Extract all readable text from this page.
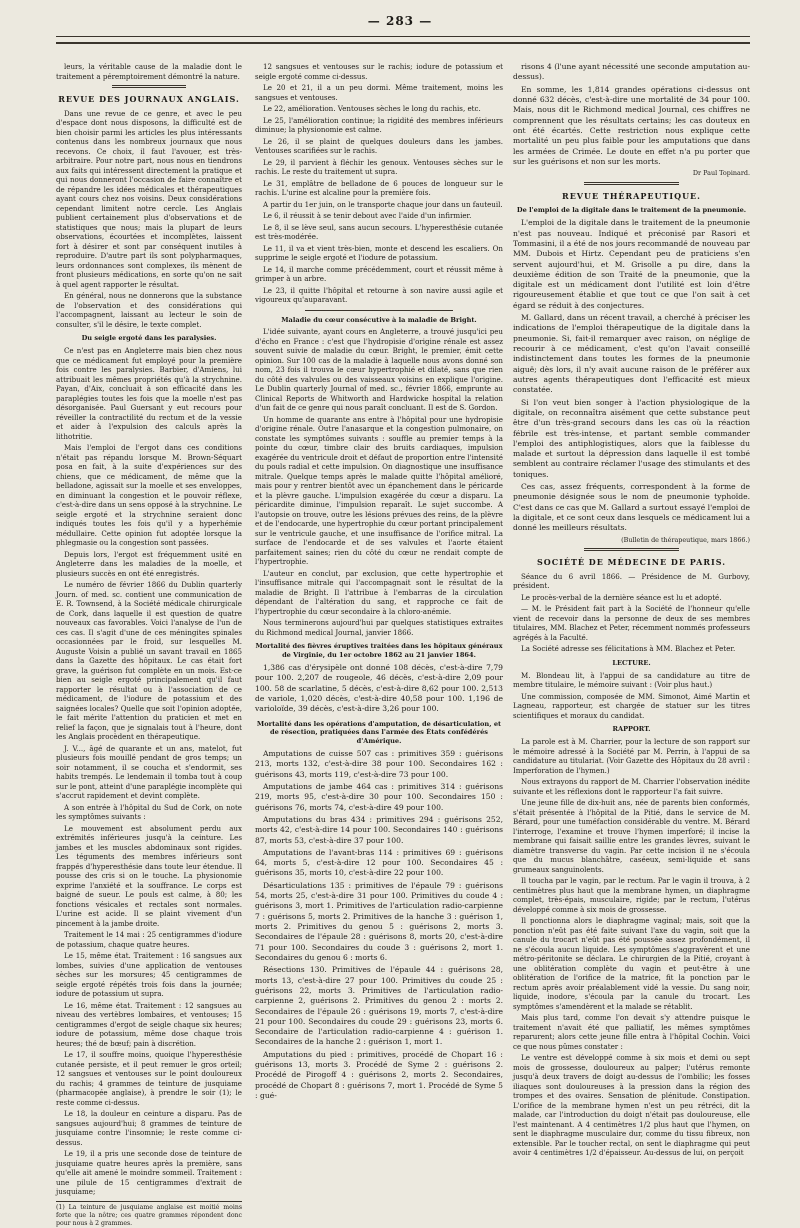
— 283 —

leurs, la véritable cause de la maladie dont le traitement a péremptoirement démontré la nature.

REVUE DES JOURNAUX ANGLAIS.

Dans une revue de ce genre, et avec le peu d'espace dont nous disposons, la difficulté est de bien choisir parmi les articles les plus intéressants contenus dans les nombreux journaux que nous recevons. Ce choix, il faut l'avouer, est très-arbitraire. Pour notre part, nous nous en tiendrons aux faits qui intéressent directement la pratique et qui nous donneront l'occasion de faire connaître et de répandre les idées médicales et thérapeutiques ayant cours chez nos voisins. Deux considérations cependant limitent notre cercle. Les Anglais publient certainement plus d'observations et de statistiques que nous; mais la plupart de leurs observations, écourtées et incomplètes, laissent fort à désirer et sont par conséquent inutiles à reproduire. D'autre part ils sont polypharmaques, leurs ordonnances sont complexes, ils mènent de front plusieurs médications, en sorte qu'on ne sait à quel agent rapporter le résultat.

En général, nous ne donnerons que la substance de l'observation et des considérations qui l'accompagnent, laissant au lecteur le soin de consulter, s'il le désire, le texte complet.

Du seigle ergoté dans les paralysies.

Ce n'est pas en Angleterre mais bien chez nous que ce médicament fut employé pour la première fois contre les paralysies. Barbier, d'Amiens, lui attribuait les mêmes propriétés qu'à la strychnine. Payan, d'Aix, concluait à son efficacité dans les paraplégies toutes les fois que la moelle n'est pas désorganisée. Paul Guersant y eut recours pour réveiller la contractilité du rectum et de la vessie et aider à l'expulsion des calculs après la lithotritie.

Mais l'emploi de l'ergot dans ces conditions n'était pas répandu lorsque M. Brown-Séquart posa en fait, à la suite d'expériences sur des chiens, que ce médicament, de même que la belladone, agissait sur la moelle et ses enveloppes, en diminuant la congestion et le pouvoir réflexe, c'est-à-dire dans un sens opposé à la strychnine. Le seigle ergoté et la strychnine seraient donc indiqués toutes les fois qu'il y a hyperhémie médullaire. Cette opinion fut adoptée lorsque la phlegmasie ou la congestion sont passées.

Depuis lors, l'ergot est fréquemment usité en Angleterre dans les maladies de la moelle, et plusieurs succès en ont été enregistrés.

Le numéro de février 1866 du Dublin quarterly Journ. of med. sc. contient une communication de E. R. Townsend, à la Société médicale chirurgicale de Cork, dans laquelle il est question de quatre nouveaux cas favorables. Voici l'analyse de l'un de ces cas. Il s'agit d'une de ces méningites spinales occasionnées par le froid, sur lesquelles M. Auguste Voisin a publié un savant travail en 1865 dans la Gazette des hôpitaux. Le cas était fort grave, la guérison fut complète en un mois. Est-ce bien au seigle ergoté principalement qu'il faut rapporter le résultat ou à l'association de ce médicament, de l'iodure de potassium et des saignées locales? Quelle que soit l'opinion adoptée, le fait mérite l'attention du praticien et met en relief la façon, que je signalais tout à l'heure, dont les Anglais procèdent en thérapeutique.

J. V..., âgé de quarante et un ans, matelot, fut plusieurs fois mouillé pendant de gros temps; un soir notamment, il se coucha et s'endormit, ses habits trempés. Le lendemain il tomba tout à coup sur le pont, atteint d'une paraplégie incomplète qui s'accrut rapidement et devint complète.

A son entrée à l'hôpital du Sud de Cork, on note les symptômes suivants :

Le mouvement est absolument perdu aux extrémités inférieures jusqu'à la ceinture. Les jambes et les muscles abdominaux sont rigides. Les téguments des membres inférieurs sont frappés d'hyperesthésie dans toute leur étendue. Il pousse des cris si on le touche. La physionomie exprime l'anxiété et la souffrance. Le corps est baigné de sueur. Le pouls est calme, à 80; les fonctions vésicales et rectales sont normales. L'urine est acide. Il se plaint vivement d'un pincement à la jambe droite.

Traitement le 14 mai : 25 centigrammes d'iodure de potassium, chaque quatre heures.

Le 15, même état. Traitement : 16 sangsues aux lombes, suivies d'une application de ventouses sèches sur les morsures; 45 centigrammes de seigle ergoté répétés trois fois dans la journée; iodure de potassium ut supra.

Le 16, même état. Traitement : 12 sangsues au niveau des vertèbres lombaires, et ventouses; 15 centigrammes d'ergot de seigle chaque six heures; iodure de potassium, même dose chaque trois heures; thé de bœuf; pain à discrétion.

Le 17, il souffre moins, quoique l'hyperesthésie cutanée persiste, et il peut remuer le gros orteil; 12 sangsues et ventouses sur le point douloureux du rachis; 4 grammes de teinture de jusquiame (pharmacopée anglaise), à prendre le soir (1); le reste comme ci-dessus.

Le 18, la douleur en ceinture a disparu. Pas de sangsues aujourd'hui; 8 grammes de teinture de jusquiame contre l'insomnie; le reste comme ci-dessus.

Le 19, il a pris une seconde dose de teinture de jusquiame quatre heures après la première, sans qu'elle ait amené le moindre sommeil. Traitement : une pilule de 15 centigrammes d'extrait de jusquiame;

(1) La teinture de jusquiame anglaise est moitié moins forte que la nôtre; ces quatre grammes répondent donc pour nous à 2 grammes.

12 sangsues et ventouses sur le rachis; iodure de potassium et seigle ergoté comme ci-dessus.

Le 20 et 21, il a un peu dormi. Même traitement, moins les sangsues et ventouses.

Le 22, amélioration. Ventouses sèches le long du rachis, etc.

Le 25, l'amélioration continue; la rigidité des membres inférieurs diminue; la physionomie est calme.

Le 26, il se plaint de quelques douleurs dans les jambes. Ventouses scarifiées sur le rachis.

Le 29, il parvient à fléchir les genoux. Ventouses sèches sur le rachis. Le reste du traitement ut supra.

Le 31, emplâtre de belladone de 6 pouces de longueur sur le rachis. L'urine est alcaline pour la première fois.

A partir du 1er juin, on le transporte chaque jour dans un fauteuil.

Le 6, il réussit à se tenir debout avec l'aide d'un infirmier.

Le 8, il se lève seul, sans aucun secours. L'hyperesthésie cutanée est très-modérée.

Le 11, il va et vient très-bien, monte et descend les escaliers. On supprime le seigle ergoté et l'iodure de potassium.

Le 14, il marche comme précédemment, court et réussit même à grimper à un arbre.

Le 23, il quitte l'hôpital et retourne à son navire aussi agile et vigoureux qu'auparavant.

Maladie du cœur consécutive à la maladie de Bright.

L'idée suivante, ayant cours en Angleterre, a trouvé jusqu'ici peu d'écho en France : c'est que l'hydropisie d'origine rénale est assez souvent suivie de maladie du cœur. Bright, le premier, émit cette opinion. Sur 100 cas de la maladie à laquelle nous avons donné son nom, 23 fois il trouva le cœur hypertrophié et dilaté, sans que rien du côté des valvules ou des vaisseaux voisins en explique l'origine. Le Dublin quarterly Journal of med. sc., février 1866, emprunte au Clinical Reports de Whitworth and Hardwicke hospital la relation d'un fait de ce genre qui nous paraît concluant. Il est de S. Gordon.

Un homme de quarante ans entre à l'hôpital pour une hydropisie d'origine rénale. Outre l'anasarque et la congestion pulmonaire, on constate les symptômes suivants : souffle au premier temps à la pointe du cœur, timbre clair des bruits cardiaques, impulsion exagérée du ventricule droit et défaut de proportion entre l'intensité du pouls radial et cette impulsion. On diagnostique une insuffisance mitrale. Quelque temps après le malade quitte l'hôpital amélioré, mais pour y rentrer bientôt avec un épanchement dans le péricarde et la plèvre gauche. L'impulsion exagérée du cœur a disparu. La péricardite diminue, l'impulsion reparaît. Le sujet succombe. A l'autopsie on trouve, outre les lésions prévues des reins, de la plèvre et de l'endocarde, une hypertrophie du cœur portant principalement sur le ventricule gauche, et une insuffisance de l'orifice mitral. La surface de l'endocarde et de ses valvules et l'aorte étaient parfaitement saines; rien du côté du cœur ne rendait compte de l'hypertrophie.

L'auteur en conclut, par exclusion, que cette hypertrophie et l'insuffisance mitrale qui l'accompagnait sont le résultat de la maladie de Bright. Il l'attribue à l'embarras de la circulation dépendant de l'altération du sang, et rapproche ce fait de l'hypertrophie du cœur secondaire à la chloro-anémie.

Nous terminerons aujourd'hui par quelques statistiques extraites du Richmond medical Journal, janvier 1866.

Mortalité des fièvres éruptives traitées dans les hôpitaux généraux de Virginie, du 1er octobre 1862 au 21 janvier 1864.

1,386 cas d'érysipèle ont donné 108 décès, c'est-à-dire 7,79 pour 100. 2,207 de rougeole, 46 décès, c'est-à-dire 2,09 pour 100. 58 de scarlatine, 5 décès, c'est-à-dire 8,62 pour 100. 2,513 de variole, 1,020 décès, c'est-à-dire 40,58 pour 100. 1,196 de varioloïde, 39 décès, c'est-à-dire 3,26 pour 100.

Mortalité dans les opérations d'amputation, de désarticulation, et de résection, pratiquées dans l'armée des États confédérés d'Amérique.

Amputations de cuisse 507 cas : primitives 359 : guérisons 213, morts 132, c'est-à-dire 38 pour 100. Secondaires 162 : guérisons 43, morts 119, c'est-à-dire 73 pour 100.

Amputations de jambe 464 cas : primitives 314 : guérisons 219, morts 95, c'est-à-dire 30 pour 100. Secondaires 150 : guérisons 76, morts 74, c'est-à-dire 49 pour 100.

Amputations du bras 434 : primitives 294 : guérisons 252, morts 42, c'est-à-dire 14 pour 100. Secondaires 140 : guérisons 87, morts 53, c'est-à-dire 37 pour 100.

Amputations de l'avant-bras 114 : primitives 69 : guérisons 64, morts 5, c'est-à-dire 12 pour 100. Secondaires 45 : guérisons 35, morts 10, c'est-à-dire 22 pour 100.

Désarticulations 135 : primitives de l'épaule 79 : guérisons 54, morts 25, c'est-à-dire 31 pour 100. Primitives du coude 4 : guérisons 3, mort 1. Primitives de l'articulation radio-carpienne 7 : guérisons 5, morts 2. Primitives de la hanche 3 : guérison 1, morts 2. Primitives du genou 5 : guérisons 2, morts 3. Secondaires de l'épaule 28 : guérisons 8, morts 20, c'est-à-dire 71 pour 100. Secondaires du coude 3 : guérisons 2, mort 1. Secondaires du genou 6 : morts 6.

Résections 130. Primitives de l'épaule 44 : guérisons 28, morts 13, c'est-à-dire 27 pour 100. Primitives du coude 25 : guérisons 22, morts 3. Primitives de l'articulation radio-carpienne 2, guérisons 2. Primitives du genou 2 : morts 2. Secondaires de l'épaule 26 : guérisons 19, morts 7, c'est-à-dire 21 pour 100. Secondaires du coude 29 : guérisons 23, morts 6. Secondaire de l'articulation radio-carpienne 4 : guérison 1. Secondaires de la hanche 2 : guérison 1, mort 1.

Amputations du pied : primitives, procédé de Chopart 16 : guérisons 13, morts 3. Procédé de Syme 2 : guérisons 2. Procédé de Pirogoff 4 : guérisons 2, morts 2. Secondaires, procédé de Chopart 8 : guérisons 7, mort 1. Procédé de Syme 5 : gué-

risons 4 (l'une ayant nécessité une seconde amputation au-dessus).

En somme, les 1,814 grandes opérations ci-dessus ont donné 632 décès, c'est-à-dire une mortalité de 34 pour 100. Mais, nous dit le Richmond medical Journal, ces chiffres ne comprennent que les résultats certains; les cas douteux en ont été écartés. Cette restriction nous explique cette mortalité un peu plus faible pour les amputations que dans les armées de Crimée. Le doute en effet n'a pu porter que sur les guérisons et non sur les morts.

Dr Paul Topinard.
REVUE THÉRAPEUTIQUE.
De l'emploi de la digitale dans le traitement de la pneumonie.

L'emploi de la digitale dans le traitement de la pneumonie n'est pas nouveau. Indiqué et préconisé par Rasori et Tommasini, il a été de nos jours recommandé de nouveau par MM. Dubois et Hirtz. Cependant peu de praticiens s'en servent aujourd'hui, et M. Grisolle a pu dire, dans la deuxième édition de son Traité de la pneumonie, que la digitale est un médicament dont l'utilité est loin d'être rigoureusement établie et que tout ce que l'on sait à cet égard se réduit à des conjectures.

M. Gallard, dans un récent travail, a cherché à préciser les indications de l'emploi thérapeutique de la digitale dans la pneumonie. Si, fait-il remarquer avec raison, on néglige de recourir à ce médicament, c'est qu'on l'avait conseillé indistinctement dans toutes les formes de la pneumonie aiguë; dès lors, il n'y avait aucune raison de le préférer aux autres agents thérapeutiques dont l'efficacité est mieux constatée.

Si l'on veut bien songer à l'action physiologique de la digitale, on reconnaîtra aisément que cette substance peut être d'un très-grand secours dans les cas où la réaction fébrile est très-intense, et partant semble commander l'emploi des antiphlogistiques, alors que la faiblesse du malade et surtout la dépression dans laquelle il est tombé semblent au contraire réclamer l'usage des stimulants et des toniques.

Ces cas, assez fréquents, correspondent à la forme de pneumonie désignée sous le nom de pneumonie typhoïde. C'est dans ce cas que M. Gallard a surtout essayé l'emploi de la digitale, et ce sont ceux dans lesquels ce médicament lui a donné les meilleurs résultats.

(Bulletin de thérapeutique, mars 1866.)
SOCIÉTÉ DE MÉDECINE DE PARIS.

Séance du 6 avril 1866. — Présidence de M. Gurbovy, président.

Le procès-verbal de la dernière séance est lu et adopté.

— M. le Président fait part à la Société de l'honneur qu'elle vient de recevoir dans la personne de deux de ses membres titulaires, MM. Blachez et Peter, récemment nommés professeurs agrégés à la Faculté.

La Société adresse ses félicitations à MM. Blachez et Peter.

LECTURE.

M. Blondeau lit, à l'appui de sa candidature au titre de membre titulaire, le mémoire suivant : (Voir plus haut.)

Une commission, composée de MM. Simonot, Aimé Martin et Lagneau, rapporteur, est chargée de statuer sur les titres scientifiques et moraux du candidat.

RAPPORT.

La parole est à M. Charrier, pour la lecture de son rapport sur le mémoire adressé à la Société par M. Perrin, à l'appui de sa candidature au titulariat. (Voir Gazette des Hôpitaux du 28 avril : Imperforation de l'hymen.)

Nous extrayons du rapport de M. Charrier l'observation inédite suivante et les réflexions dont le rapporteur l'a fait suivre.

Une jeune fille de dix-huit ans, née de parents bien conformés, s'était présentée à l'hôpital de la Pitié, dans le service de M. Bérard, pour une tuméfaction considérable du ventre. M. Bérard l'interroge, l'examine et trouve l'hymen imperforé; il incise la membrane qui faisait saillie entre les grandes lèvres, suivant le diamètre transverse du vagin. Par cette incision il ne s'écoula que du mucus blanchâtre, caséeux, semi-liquide et sans grumeaux sanguinolents.

Il toucha par le vagin, par le rectum. Par le vagin il trouva, à 2 centimètres plus haut que la membrane hymen, un diaphragme complet, très-épais, musculaire, rigide; par le rectum, l'utérus développé comme à six mois de grossesse.

Il ponctionna alors le diaphragme vaginal; mais, soit que la ponction n'eût pas été faite suivant l'axe du vagin, soit que la canule du trocart n'eût pas été poussée assez profondément, il ne s'écoula aucun liquide. Les symptômes s'aggravèrent et une métro-péritonite se déclara. Le chirurgien de la Pitié, croyant à une oblitération complète du vagin et peut-être à une oblitération de l'orifice de la matrice, fit la ponction par le rectum après avoir préalablement vidé la vessie. Du sang noir, liquide, inodore, s'écoula par la canule du trocart. Les symptômes s'amendèrent et la malade se rétablit.

Mais plus tard, comme l'on devait s'y attendre puisque le traitement n'avait été que palliatif, les mêmes symptômes reparurent; alors cette jeune fille entra à l'hôpital Cochin. Voici ce que nous pûmes constater :

Le ventre est développé comme à six mois et demi ou sept mois de grossesse, douloureux au palper; l'utérus remonte jusqu'à deux travers de doigt au-dessus de l'ombilic; les fosses iliaques sont douloureuses à la pression dans la région des trompes et des ovaires. Sensation de plénitude. Constipation. L'orifice de la membrane hymen n'est un peu rétréci, dit la malade, car l'introduction du doigt n'était pas douloureuse, elle l'est maintenant. A 4 centimètres 1/2 plus haut que l'hymen, on sent le diaphragme musculaire dur, comme du tissu fibreux, non extensible. Par le toucher rectal, on sent le diaphragme qui peut avoir 4 centimètres 1/2 d'épaisseur. Au-dessus de lui, on perçoit
